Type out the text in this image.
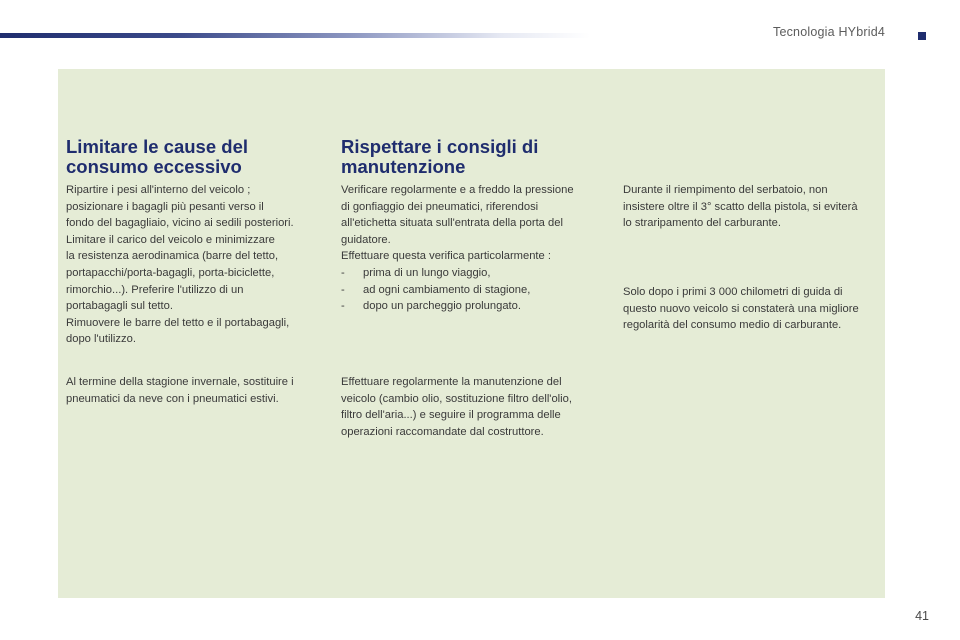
Tecnologia HYbrid4
Limitare le cause del
consumo eccessivo

Ripartire i pesi all'interno del veicolo ;
posizionare i bagagli più pesanti verso il
fondo del bagagliaio, vicino ai sedili posteriori.
Limitare il carico del veicolo e minimizzare
la resistenza aerodinamica (barre del tetto,
portapacchi/porta-bagagli, porta-biciclette,
rimorchio...). Preferire l'utilizzo di un
portabagagli sul tetto.
Rimuovere le barre del tetto e il portabagagli,
dopo l'utilizzo.

Al termine della stagione invernale, sostituire i
pneumatici da neve con i pneumatici estivi.

Rispettare i consigli di
manutenzione

Verificare regolarmente e a freddo la pressione
di gonfiaggio dei pneumatici, riferendosi
all'etichetta situata sull'entrata della porta del
guidatore.
Effettuare questa verifica particolarmente :

-	prima di un lungo viaggio,
-	ad ogni cambiamento di stagione,
-	dopo un parcheggio prolungato.

Effettuare regolarmente la manutenzione del
veicolo (cambio olio, sostituzione filtro dell'olio,
filtro dell'aria...) e seguire il programma delle
operazioni raccomandate dal costruttore.

Durante il riempimento del serbatoio, non
insistere oltre il 3° scatto della pistola, si eviterà
lo straripamento del carburante.

Solo dopo i primi 3 000 chilometri di guida di
questo nuovo veicolo si constaterà una migliore
regolarità del consumo medio di carburante.

41
